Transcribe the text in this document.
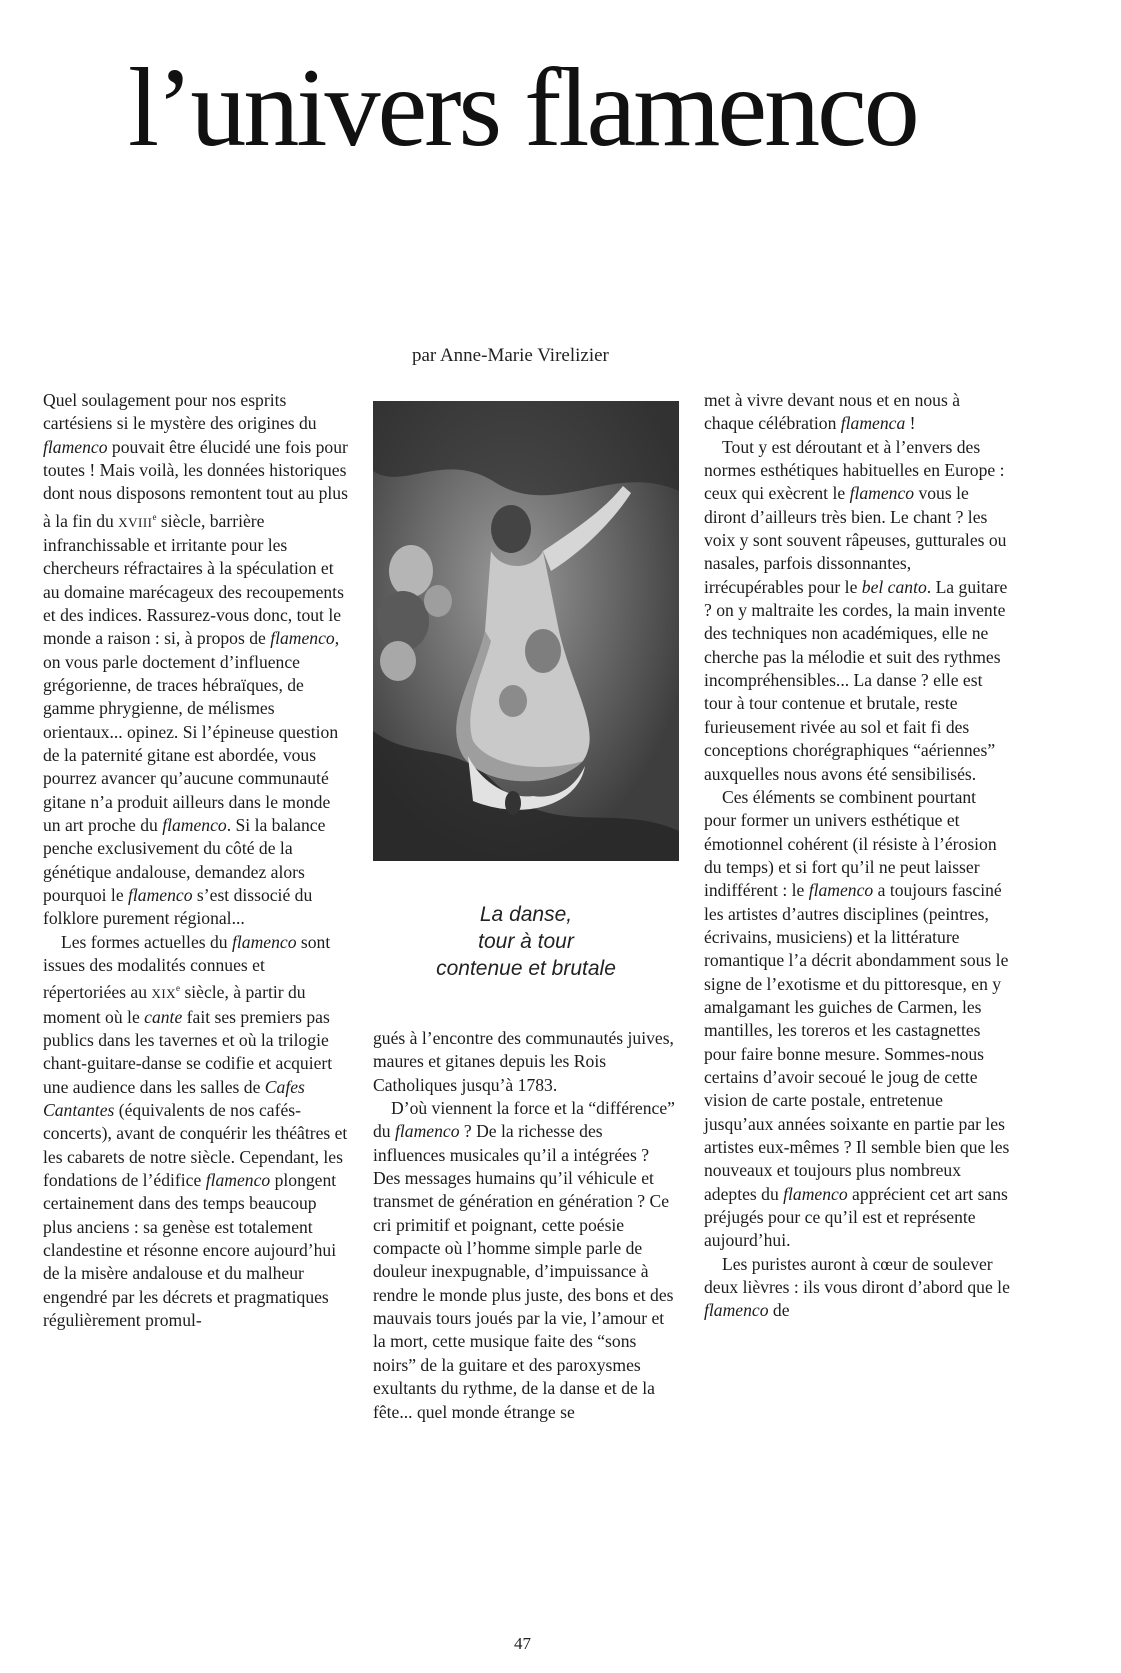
l’univers flamenco
par Anne-Marie Virelizier

Quel soulagement pour nos esprits cartésiens si le mystère des origines du flamenco pouvait être élucidé une fois pour toutes ! Mais voilà, les données historiques dont nous disposons remontent tout au plus à la fin du XVIIIe siècle, barrière infranchissable et irritante pour les chercheurs réfractaires à la spéculation et au domaine marécageux des recoupements et des indices. Rassurez-vous donc, tout le monde a raison : si, à propos de flamenco, on vous parle doctement d’influence grégorienne, de traces hébraïques, de gamme phrygienne, de mélismes orientaux... opinez. Si l’épineuse question de la paternité gitane est abordée, vous pourrez avancer qu’aucune communauté gitane n’a produit ailleurs dans le monde un art proche du flamenco. Si la balance penche exclusivement du côté de la génétique andalouse, demandez alors pourquoi le flamenco s’est dissocié du folklore purement régional...

Les formes actuelles du flamenco sont issues des modalités connues et répertoriées au XIXe siècle, à partir du moment où le cante fait ses premiers pas publics dans les tavernes et où la trilogie chant-guitare-danse se codifie et acquiert une audience dans les salles de Cafes Cantantes (équivalents de nos cafés-concerts), avant de conquérir les théâtres et les cabarets de notre siècle. Cependant, les fondations de l’édifice flamenco plongent certainement dans des temps beaucoup plus anciens : sa genèse est totalement clandestine et résonne encore aujourd’hui de la misère andalouse et du malheur engendré par les décrets et pragmatiques régulièrement promul-

La danse,
tour à tour
contenue et brutale

gués à l’encontre des communautés juives, maures et gitanes depuis les Rois Catholiques jusqu’à 1783.

D’où viennent la force et la “différence” du flamenco ? De la richesse des influences musicales qu’il a intégrées ? Des messages humains qu’il véhicule et transmet de génération en génération ? Ce cri primitif et poignant, cette poésie compacte où l’homme simple parle de douleur inexpugnable, d’impuissance à rendre le monde plus juste, des bons et des mauvais tours joués par la vie, l’amour et la mort, cette musique faite des “sons noirs” de la guitare et des paroxysmes exultants du rythme, de la danse et de la fête... quel monde étrange se

met à vivre devant nous et en nous à chaque célébration flamenca !

Tout y est déroutant et à l’envers des normes esthétiques habituelles en Europe : ceux qui exècrent le flamenco vous le diront d’ailleurs très bien. Le chant ? les voix y sont souvent râpeuses, gutturales ou nasales, parfois dissonnantes, irrécupérables pour le bel canto. La guitare ? on y maltraite les cordes, la main invente des techniques non académiques, elle ne cherche pas la mélodie et suit des rythmes incompréhensibles... La danse ? elle est tour à tour contenue et brutale, reste furieusement rivée au sol et fait fi des conceptions chorégraphiques “aériennes” auxquelles nous avons été sensibilisés.

Ces éléments se combinent pourtant pour former un univers esthétique et émotionnel cohérent (il résiste à l’érosion du temps) et si fort qu’il ne peut laisser indifférent : le flamenco a toujours fasciné les artistes d’autres disciplines (peintres, écrivains, musiciens) et la littérature romantique l’a décrit abondamment sous le signe de l’exotisme et du pittoresque, en y amalgamant les guiches de Carmen, les mantilles, les toreros et les castagnettes pour faire bonne mesure. Sommes-nous certains d’avoir secoué le joug de cette vision de carte postale, entretenue jusqu’aux années soixante en partie par les artistes eux-mêmes ? Il semble bien que les nouveaux et toujours plus nombreux adeptes du flamenco apprécient cet art sans préjugés pour ce qu’il est et représente aujourd’hui.

Les puristes auront à cœur de soulever deux lièvres : ils vous diront d’abord que le flamenco de

47
